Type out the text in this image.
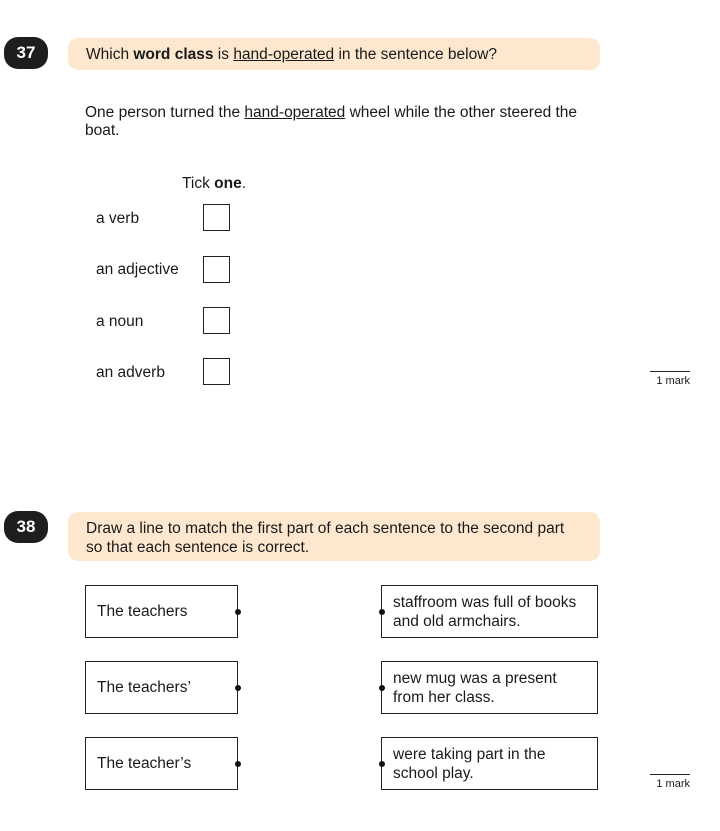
37	Which word class is hand-operated in the sentence below?
One person turned the hand-operated wheel while the other steered the boat.
Tick one.
a verb
an adjective
a noun
an adverb	1 mark
38	Draw a line to match the first part of each sentence to the second part so that each sentence is correct.
The teachers
The teachers’
The teacher’s
staffroom was full of books and old armchairs.
new mug was a present from her class.
were taking part in the school play.
1 mark
